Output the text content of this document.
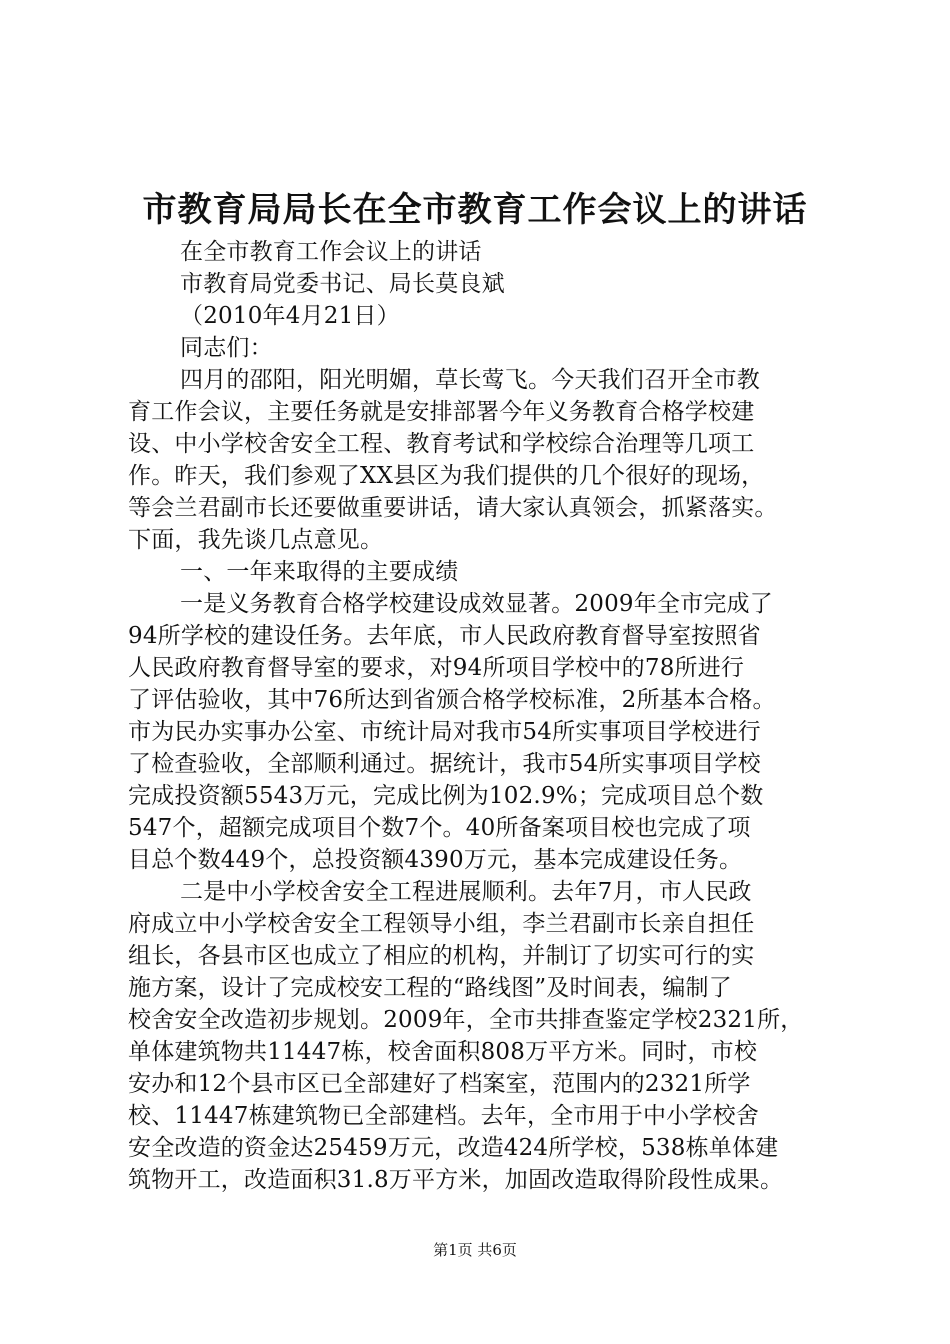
市教育局局长在全市教育工作会议上的讲话
在全市教育工作会议上的讲话
市教育局党委书记、局长莫良斌
（2010年4月21日）
同志们：
四月的邵阳，阳光明媚，草长莺飞。今天我们召开全市教
育工作会议，主要任务就是安排部署今年义务教育合格学校建
设、中小学校舍安全工程、教育考试和学校综合治理等几项工
作。昨天，我们参观了XX县区为我们提供的几个很好的现场，
等会兰君副市长还要做重要讲话，请大家认真领会，抓紧落实。
下面，我先谈几点意见。
一、一年来取得的主要成绩
一是义务教育合格学校建设成效显著。2009年全市完成了
94所学校的建设任务。去年底，市人民政府教育督导室按照省
人民政府教育督导室的要求，对94所项目学校中的78所进行
了评估验收，其中76所达到省颁合格学校标准，2所基本合格。
市为民办实事办公室、市统计局对我市54所实事项目学校进行
了检查验收，全部顺利通过。据统计，我市54所实事项目学校
完成投资额5543万元，完成比例为102.9%；完成项目总个数
547个，超额完成项目个数7个。40所备案项目校也完成了项
目总个数449个，总投资额4390万元，基本完成建设任务。
二是中小学校舍安全工程进展顺利。去年7月，市人民政
府成立中小学校舍安全工程领导小组，李兰君副市长亲自担任
组长，各县市区也成立了相应的机构，并制订了切实可行的实
施方案，设计了完成校安工程的“路线图”及时间表，编制了
校舍安全改造初步规划。2009年，全市共排查鉴定学校2321所，
单体建筑物共11447栋，校舍面积808万平方米。同时，市校
安办和12个县市区已全部建好了档案室，范围内的2321所学
校、11447栋建筑物已全部建档。去年，全市用于中小学校舍
安全改造的资金达25459万元，改造424所学校，538栋单体建
筑物开工，改造面积31.8万平方米，加固改造取得阶段性成果。
第1页 共6页
